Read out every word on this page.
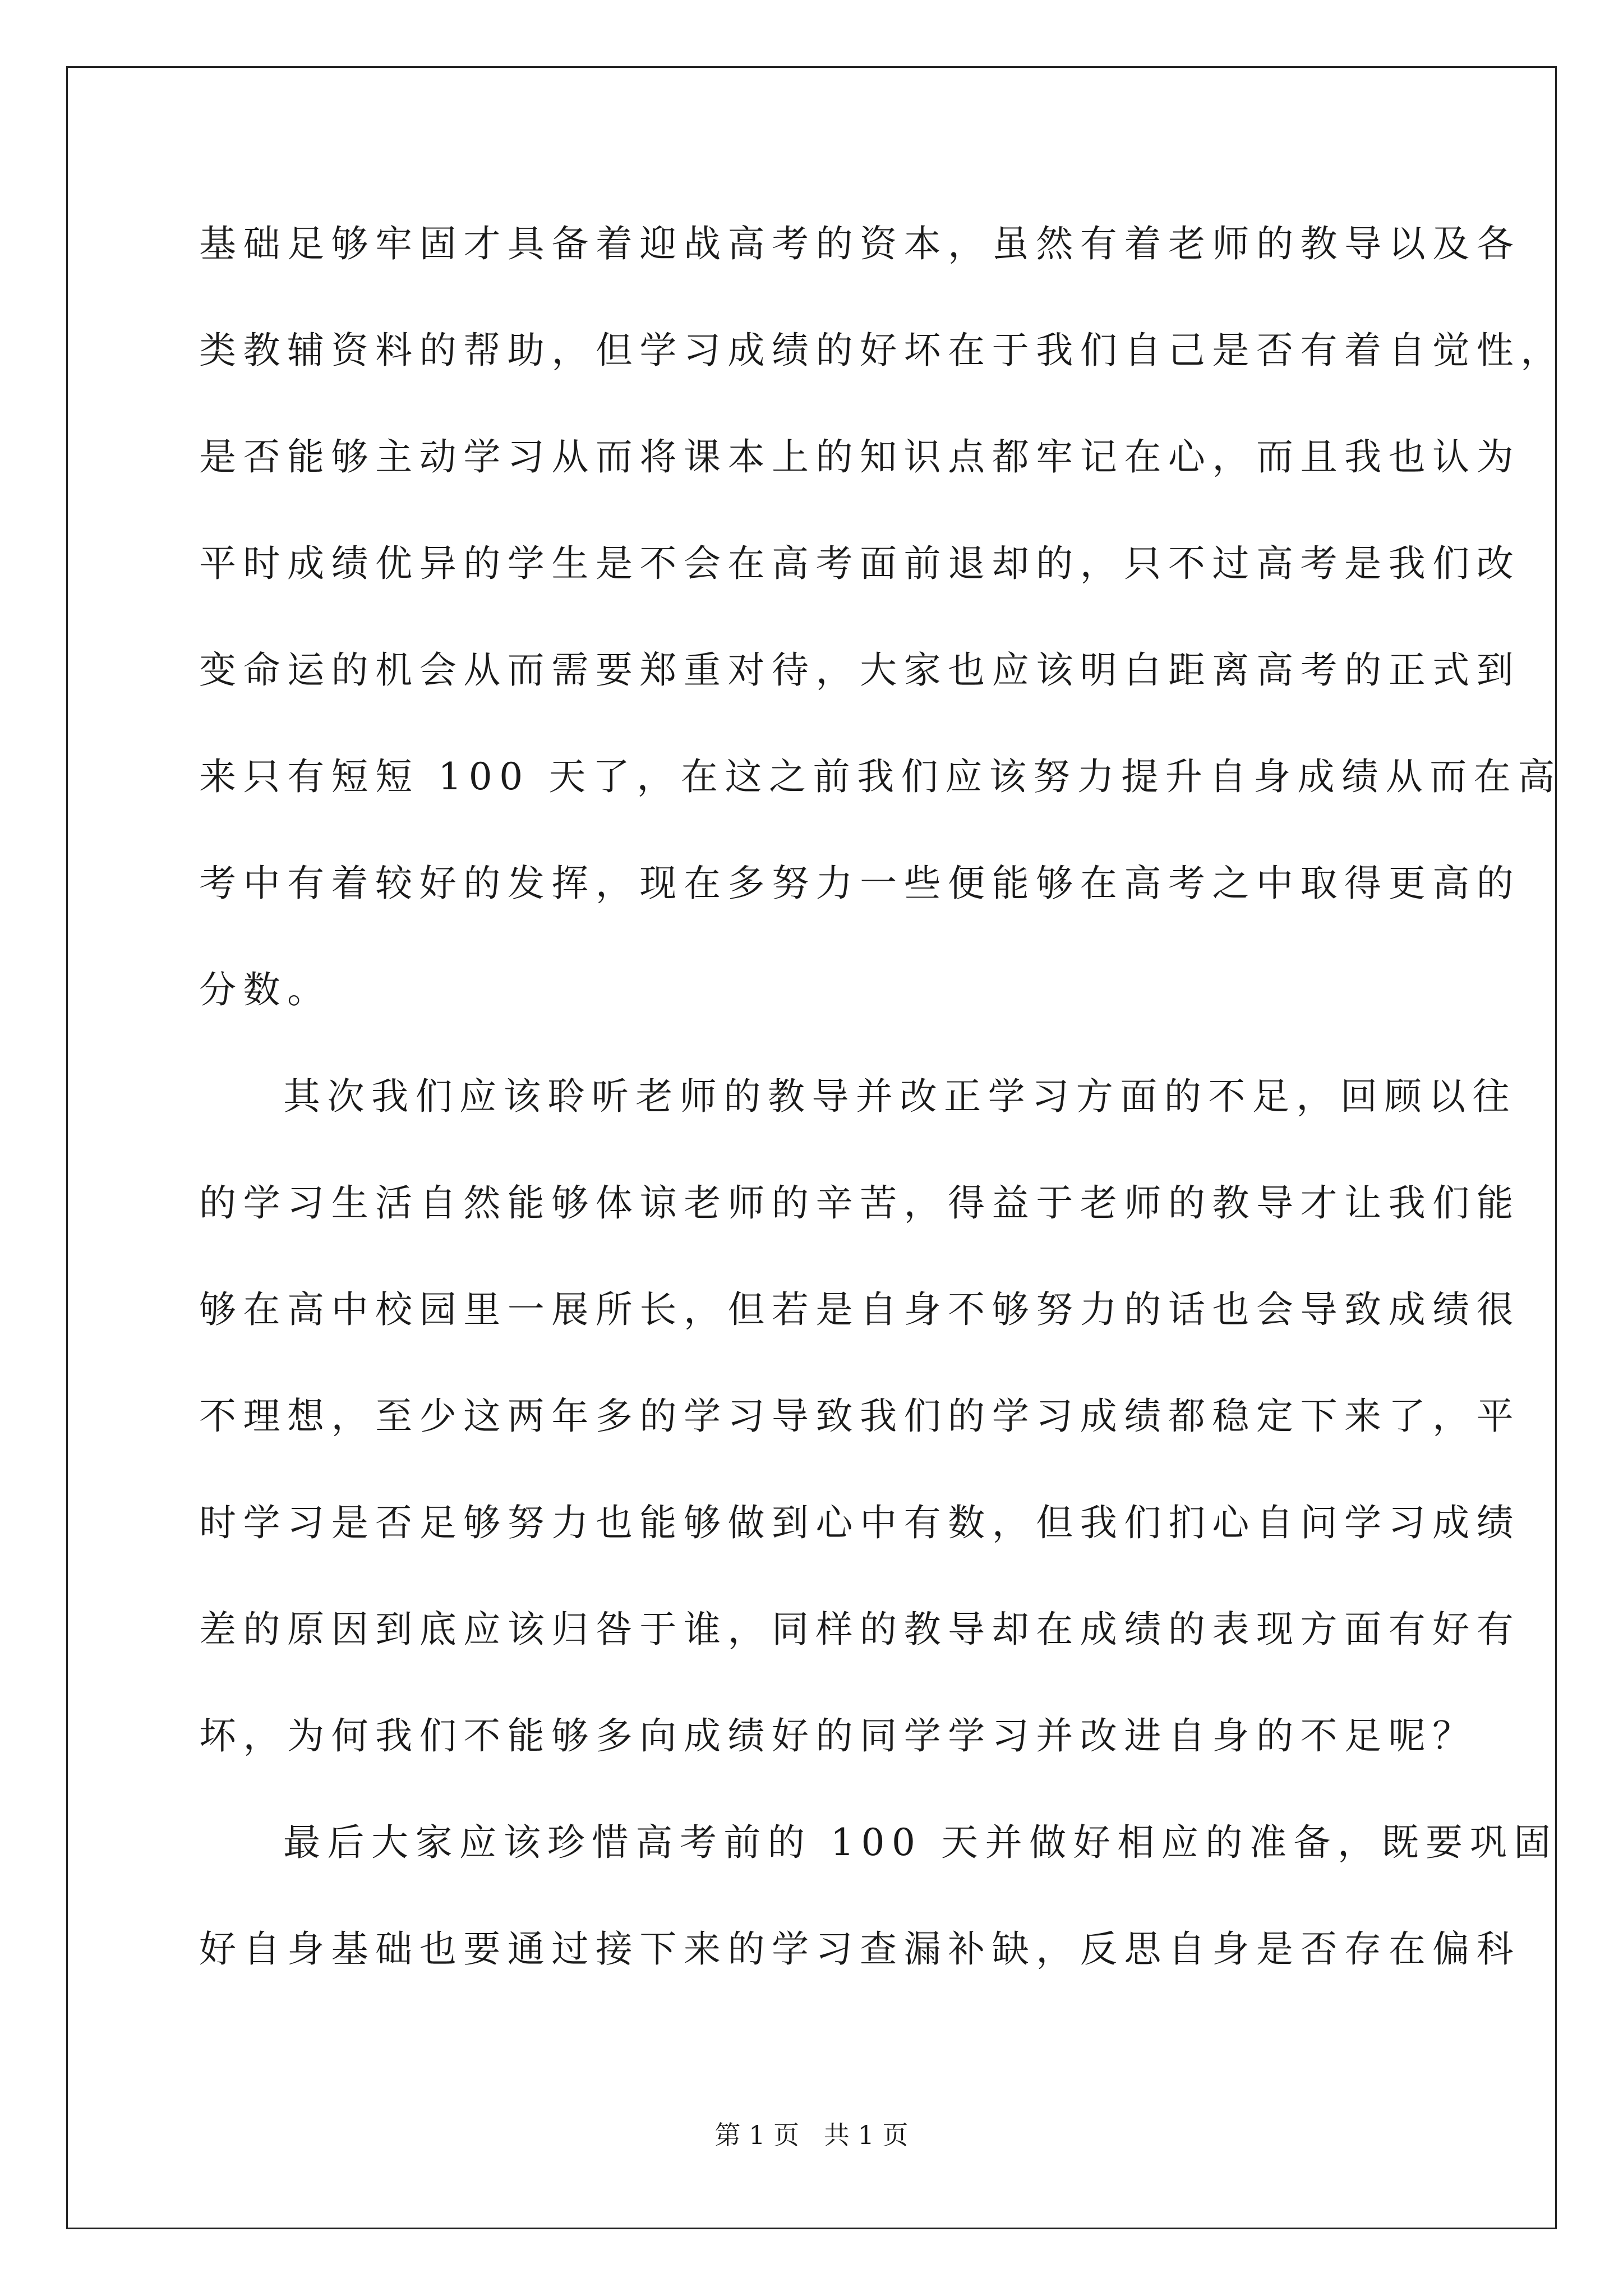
基础足够牢固才具备着迎战高考的资本，虽然有着老师的教导以及各
类教辅资料的帮助，但学习成绩的好坏在于我们自己是否有着自觉性，
是否能够主动学习从而将课本上的知识点都牢记在心，而且我也认为
平时成绩优异的学生是不会在高考面前退却的，只不过高考是我们改
变命运的机会从而需要郑重对待，大家也应该明白距离高考的正式到
来只有短短 100 天了，在这之前我们应该努力提升自身成绩从而在高
考中有着较好的发挥，现在多努力一些便能够在高考之中取得更高的
分数。
其次我们应该聆听老师的教导并改正学习方面的不足，回顾以往
的学习生活自然能够体谅老师的辛苦，得益于老师的教导才让我们能
够在高中校园里一展所长，但若是自身不够努力的话也会导致成绩很
不理想，至少这两年多的学习导致我们的学习成绩都稳定下来了，平
时学习是否足够努力也能够做到心中有数，但我们扪心自问学习成绩
差的原因到底应该归咎于谁，同样的教导却在成绩的表现方面有好有
坏，为何我们不能够多向成绩好的同学学习并改进自身的不足呢？
最后大家应该珍惜高考前的 100 天并做好相应的准备，既要巩固
好自身基础也要通过接下来的学习查漏补缺，反思自身是否存在偏科
第 1 页   共 1 页
